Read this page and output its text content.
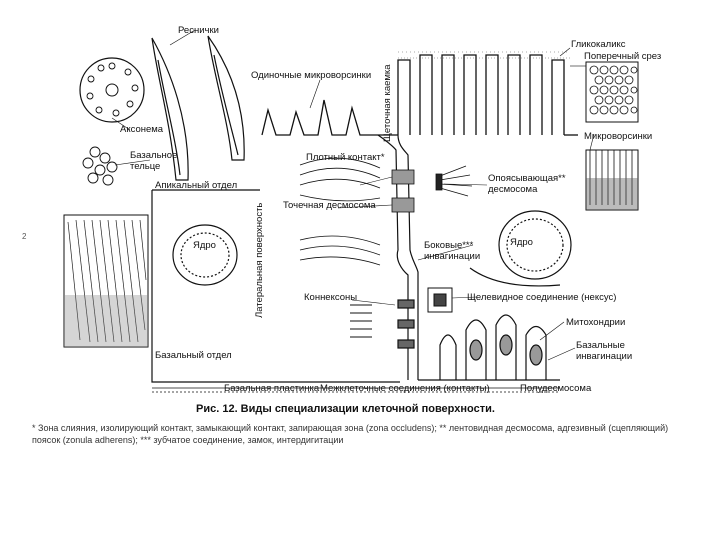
Реснички
Одиночные микроворсинки
Гликокаликс
Поперечный срез
Аксонема
Базальное тельце
Апикальный отдел
Плотный контакт*
Опоясывающая** десмосома
Микроворсинки
Точечная десмосома
Ядро	Ядро
Боковые*** инвагинации
Коннексоны	Щелевидное соединение (нексус)
Митохондрии
Базальные инвагинации
Базальный отдел
Полудесмосома
Базальная пластинка Межклеточные соединения (контакты)
Щеточная каемка
Латеральная поверхность
2
Рис. 12. Виды специализации клеточной поверхности.
* Зона слияния, изолирующий контакт, замыкающий контакт, запирающая зона (zona occludens); ** лентовидная десмосома, адгезивный (сцепляющий) поясок (zonula adherens); *** зубчатое соединение, замок, интердигитации
